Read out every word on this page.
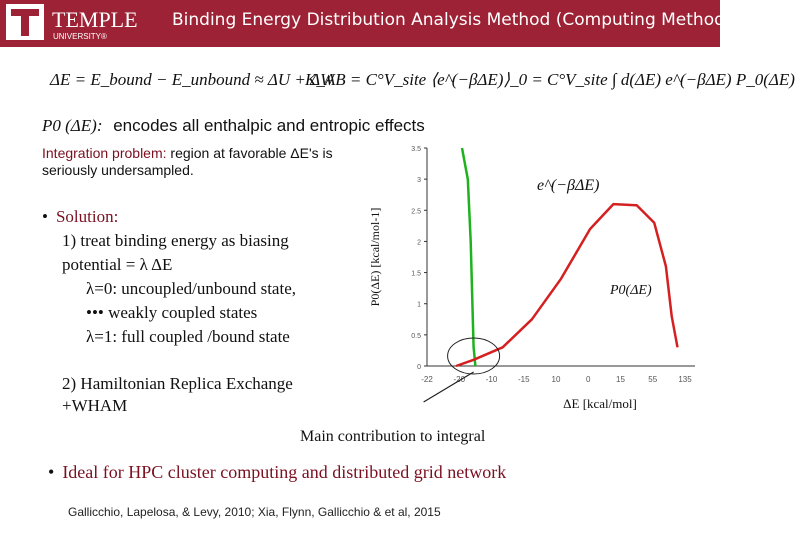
TEMPLE
UNIVERSITY®
Binding Energy Distribution Analysis Method (Computing Method)
ΔE = E_bound − E_unbound ≈ ΔU + ΔW
K_AB = C°V_site ⟨e^(−βΔE)⟩_0 = C°V_site ∫ d(ΔE) e^(−βΔE) P_0(ΔE)
P0 (ΔE): encodes all enthalpic and entropic effects
Integration problem: region at favorable ΔE's is seriously undersampled.
• Solution:
1) treat binding energy as biasing
potential = λ ΔE
λ=0: uncoupled/unbound state,
••• weakly coupled states
λ=1: full coupled /bound state
2) Hamiltonian Replica Exchange
+WHAM
0
0.5
1
1.5
2
2.5
3
3.5
-22	-20	-10	-15	10	0	15	55	135
P0(ΔE) [kcal/mol-1]
ΔE [kcal/mol]
e^(−βΔE)
P0(ΔE)
Main contribution to integral
• Ideal for HPC cluster computing and distributed grid network
Gallicchio, Lapelosa, & Levy, 2010; Xia, Flynn, Gallicchio & et al, 2015
